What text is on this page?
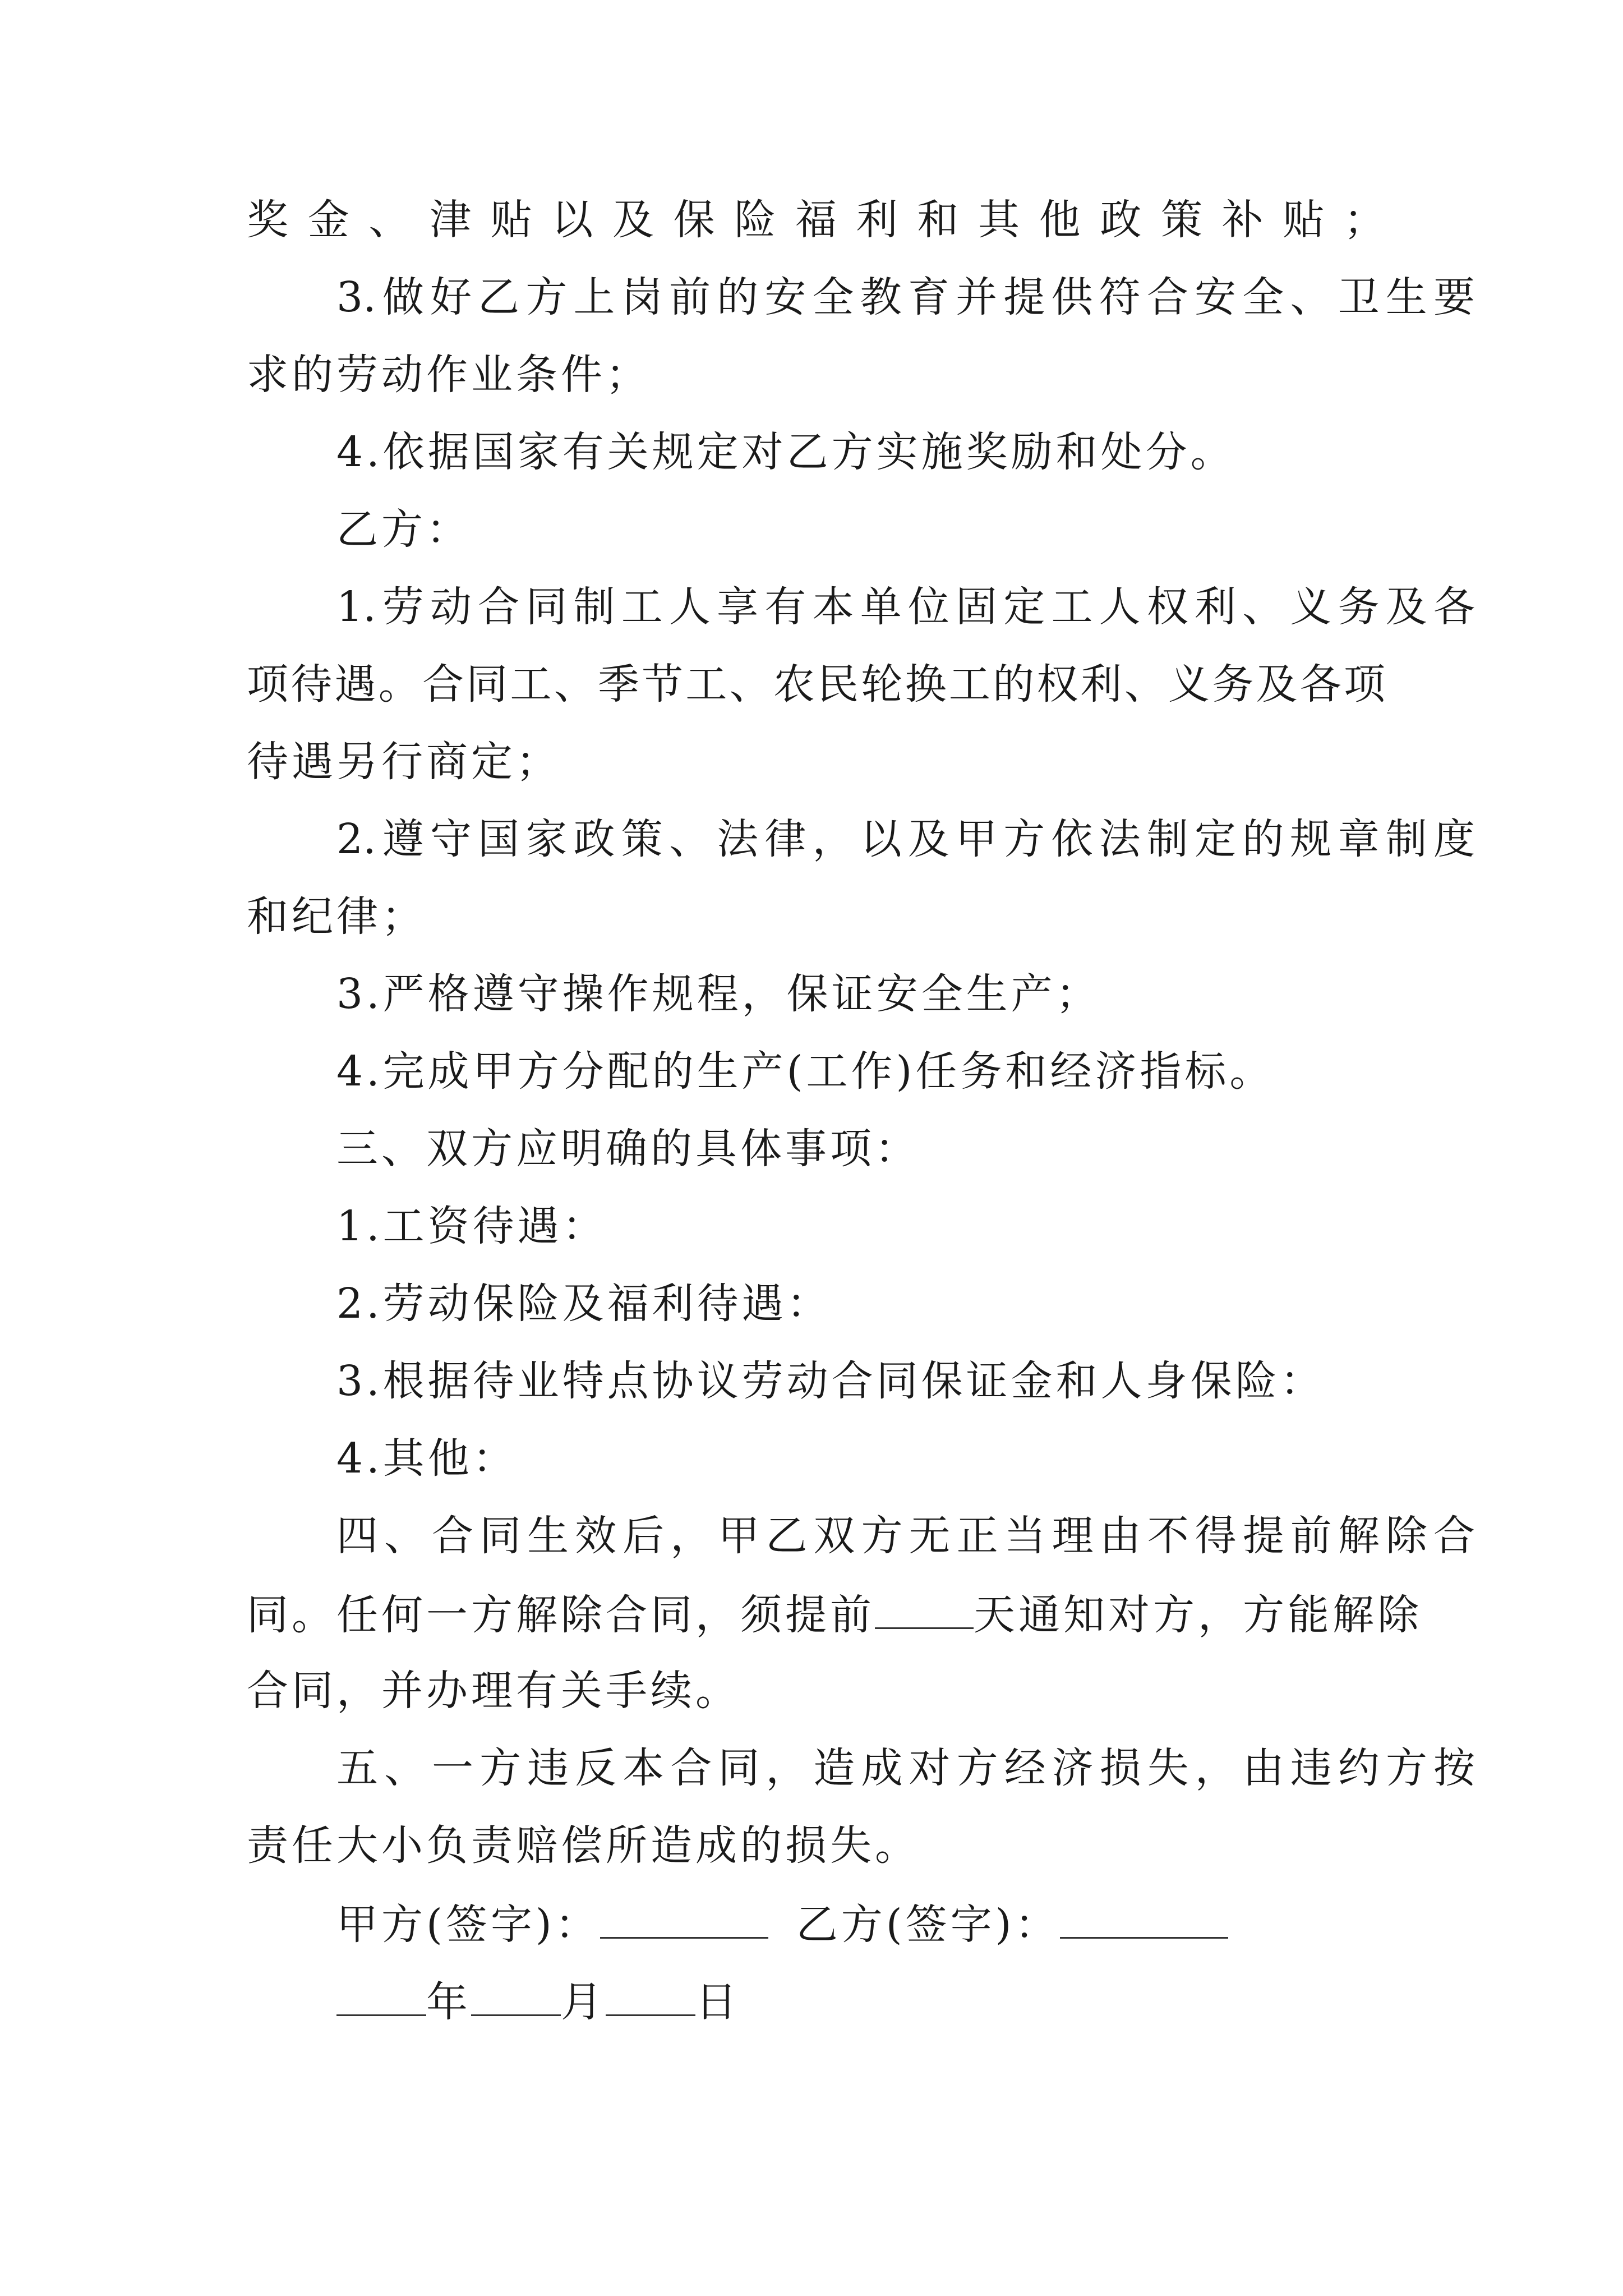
奖金、津贴以及保险福利和其他政策补贴；
3.做好乙方上岗前的安全教育并提供符合安全、卫生要
求的劳动作业条件；
4.依据国家有关规定对乙方实施奖励和处分。
乙方：
1.劳动合同制工人享有本单位固定工人权利、义务及各
项待遇。合同工、季节工、农民轮换工的权利、义务及各项
待遇另行商定；
2.遵守国家政策、法律，以及甲方依法制定的规章制度
和纪律；
3.严格遵守操作规程，保证安全生产；
4.完成甲方分配的生产(工作)任务和经济指标。
三、双方应明确的具体事项：
1.工资待遇：
2.劳动保险及福利待遇：
3.根据待业特点协议劳动合同保证金和人身保险：
4.其他：
四、合同生效后，甲乙双方无正当理由不得提前解除合
同。任何一方解除合同，须提前 天通知对方，方能解除
合同，并办理有关手续。
五、一方违反本合同，造成对方经济损失，由违约方按
责任大小负责赔偿所造成的损失。
甲方(签字)：	乙方(签字)：
年 月 日
